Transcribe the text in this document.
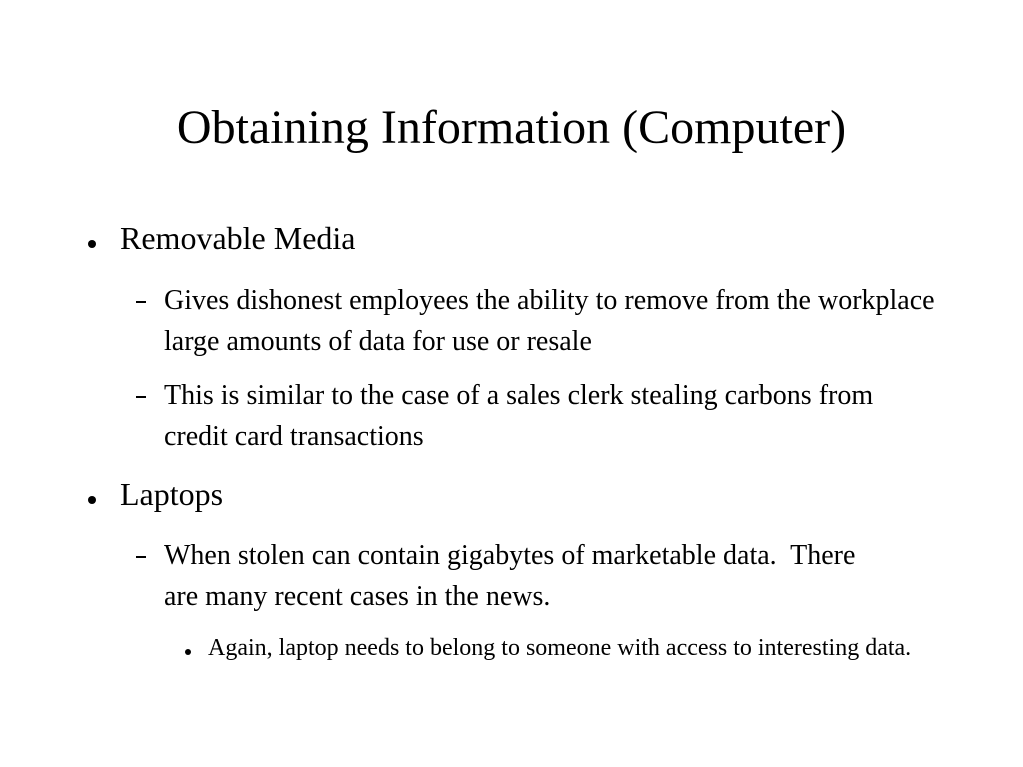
Obtaining Information (Computer)
Removable Media
Gives dishonest employees the ability to remove from the workplace large amounts of data for use or resale
This is similar to the case of a sales clerk stealing carbons from credit card transactions
Laptops
When stolen can contain gigabytes of marketable data.  There are many recent cases in the news.
Again, laptop needs to belong to someone with access to interesting data.
